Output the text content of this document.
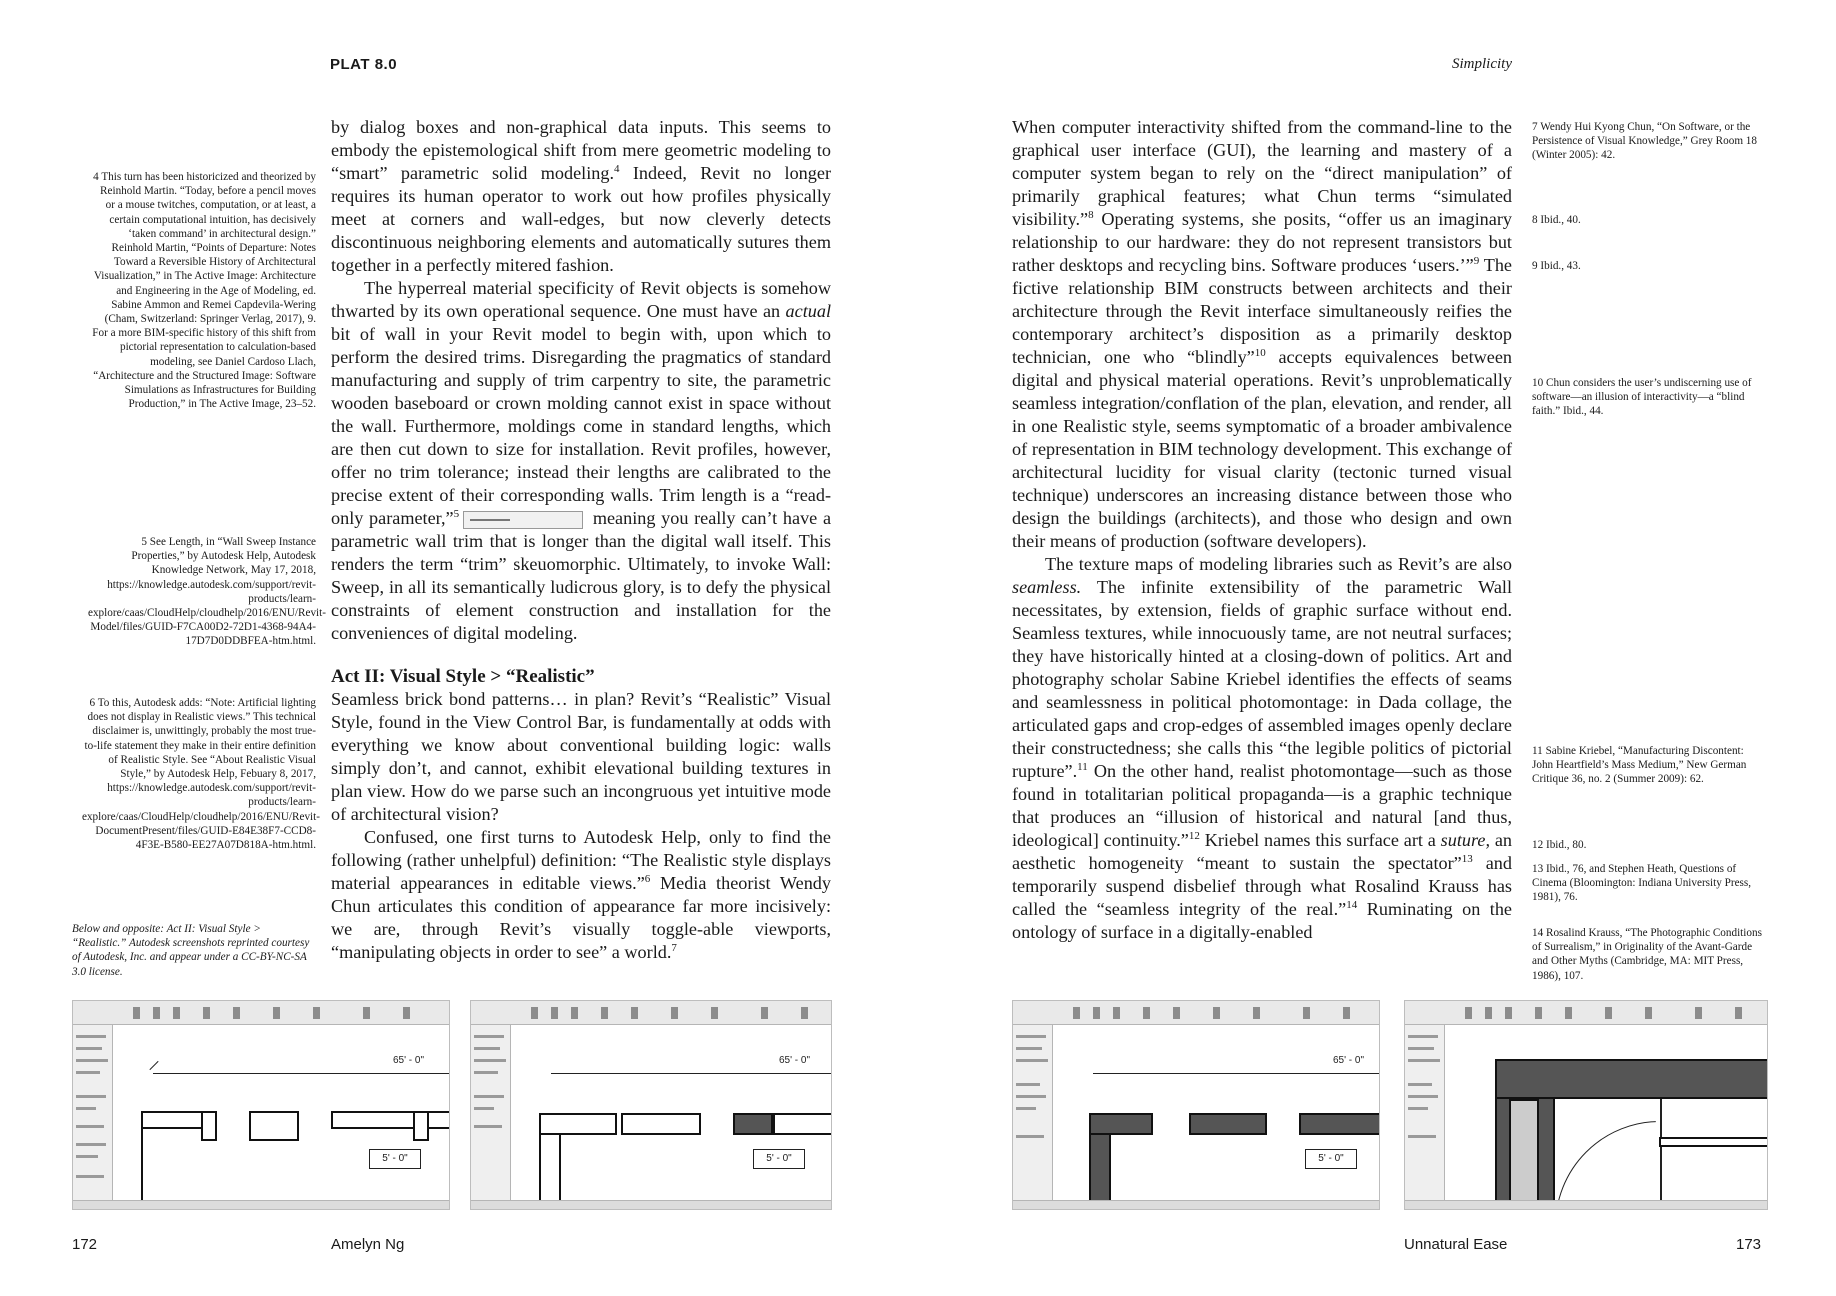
PLAT 8.0
4 This turn has been historicized and theorized by Reinhold Martin. “Today, before a pencil moves or a mouse twitches, computation, or at least, a certain computational intuition, has decisively ‘taken command’ in architectural design.” Reinhold Martin, “Points of Departure: Notes Toward a Reversible History of Architectural Visualization,” in The Active Image: Architecture and Engineering in the Age of Modeling, ed. Sabine Ammon and Remei Capdevila-Wering (Cham, Switzerland: Springer Verlag, 2017), 9. For a more BIM-specific history of this shift from pictorial representation to calculation-based modeling, see Daniel Cardoso Llach, “Architecture and the Structured Image: Software Simulations as Infrastructures for Building Production,” in The Active Image, 23–52.
5 See Length, in “Wall Sweep Instance Properties,” by Autodesk Help, Autodesk Knowledge Network, May 17, 2018, https://knowledge.autodesk.com/support/revit-products/learn-explore/caas/CloudHelp/cloudhelp/2016/ENU/Revit-Model/files/GUID-F7CA00D2-72D1-4368-94A4-17D7D0DDBFEA-htm.html.
6 To this, Autodesk adds: “Note: Artificial lighting does not display in Realistic views.” This technical disclaimer is, unwittingly, probably the most true-to-life statement they make in their entire definition of Realistic Style. See “About Realistic Visual Style,” by Autodesk Help, Febuary 8, 2017, https://knowledge.autodesk.com/support/revit-products/learn-explore/caas/CloudHelp/cloudhelp/2016/ENU/Revit-DocumentPresent/files/GUID-E84E38F7-CCD8-4F3E-B580-EE27A07D818A-htm.html.
Below and opposite: Act II: Visual Style > “Realistic.” Autodesk screenshots reprinted courtesy of Autodesk, Inc. and appear under a CC-BY-NC-SA 3.0 license.

by dialog boxes and non-graphical data inputs. This seems to embody the epistemological shift from mere geometric modeling to “smart” parametric solid modeling.$^4$ Indeed, Revit no longer requires its human operator to work out how profiles physically meet at corners and wall-edges, but now cleverly detects discontinuous neighboring elements and automatically sutures them together in a perfectly mitered fashion.

The hyperreal material specificity of Revit objects is somehow thwarted by its own operational sequence. One must have an actual bit of wall in your Revit model to begin with, upon which to perform the desired trims. Disregarding the pragmatics of standard manufacturing and supply of trim carpentry to site, the parametric wooden baseboard or crown molding cannot exist in space without the wall. Furthermore, moldings come in standard lengths, which are then cut down to size for installation. Revit profiles, however, offer no trim tolerance; instead their lengths are calibrated to the precise extent of their corresponding walls. Trim length is a “read-only parameter,”$^5$	meaning you really can’t have a parametric wall trim that is longer than the digital wall itself. This renders the term “trim” skeuomorphic. Ultimately, to invoke Wall: Sweep, in all its semantically ludicrous glory, is to defy the physical constraints of element construction and installation for the conveniences of digital modeling.

Act II: Visual Style > “Realistic”

Seamless brick bond patterns… in plan? Revit’s “Realistic” Visual Style, found in the View Control Bar, is fundamentally at odds with everything we know about conventional building logic: walls simply don’t, and cannot, exhibit elevational building textures in plan view. How do we parse such an incongruous yet intuitive mode of architectural vision?

Confused, one first turns to Autodesk Help, only to find the following (rather unhelpful) definition: “The Realistic style displays material appearances in editable views.”$^6$ Media theorist Wendy Chun articulates this condition of appearance far more incisively: we are, through Revit’s visually toggle-able viewports, “manipulating objects in order to see” a world.$^7$

65' - 0"
5' - 0"
65' - 0"
5' - 0"
172	Amelyn Ng
Simplicity

When computer interactivity shifted from the command-line to the graphical user interface (GUI), the learning and mastery of a computer system began to rely on the “direct manipulation” of primarily graphical features; what Chun terms “simulated visibility.”$^8$ Operating systems, she posits, “offer us an imaginary relationship to our hardware: they do not represent transistors but rather desktops and recycling bins. Software produces ‘users.’”$^9$ The fictive relationship BIM constructs between architects and their architecture through the Revit interface simultaneously reifies the contemporary architect’s disposition as a primarily desktop technician, one who “blindly”$^{10}$ accepts equivalences between digital and physical material operations. Revit’s unproblematically seamless integration/conflation of the plan, elevation, and render, all in one Realistic style, seems symptomatic of a broader ambivalence of representation in BIM technology development. This exchange of architectural lucidity for visual clarity (tectonic turned visual technique) underscores an increasing distance between those who design the buildings (architects), and those who design and own their means of production (software developers).

The texture maps of modeling libraries such as Revit’s are also seamless. The infinite extensibility of the parametric Wall necessitates, by extension, fields of graphic surface without end. Seamless textures, while innocuously tame, are not neutral surfaces; they have historically hinted at a closing-down of politics. Art and photography scholar Sabine Kriebel identifies the effects of seams and seamlessness in political photomontage: in Dada collage, the articulated gaps and crop-edges of assembled images openly declare their constructedness; she calls this “the legible politics of pictorial rupture”.$^{11}$ On the other hand, realist photomontage—such as those found in totalitarian political propaganda—is a graphic technique that produces an “illusion of historical and natural [and thus, ideological] continuity.”$^{12}$ Kriebel names this surface art a suture, an aesthetic homogeneity “meant to sustain the spectator”$^{13}$ and temporarily suspend disbelief through what Rosalind Krauss has called the “seamless integrity of the real.”$^{14}$ Ruminating on the ontology of surface in a digitally-enabled

7 Wendy Hui Kyong Chun, “On Software, or the Persistence of Visual Knowledge,” Grey Room 18 (Winter 2005): 42.
8 Ibid., 40.
9 Ibid., 43.
10 Chun considers the user’s undiscerning use of software—an illusion of interactivity—a “blind faith.” Ibid., 44.
11 Sabine Kriebel, “Manufacturing Discontent: John Heartfield’s Mass Medium,” New German Critique 36, no. 2 (Summer 2009): 62.
12 Ibid., 80.
13 Ibid., 76, and Stephen Heath, Questions of Cinema (Bloomington: Indiana University Press, 1981), 76.
14 Rosalind Krauss, “The Photographic Conditions of Surrealism,” in Originality of the Avant-Garde and Other Myths (Cambridge, MA: MIT Press, 1986), 107.
65' - 0"
5' - 0"
Unnatural Ease	173
